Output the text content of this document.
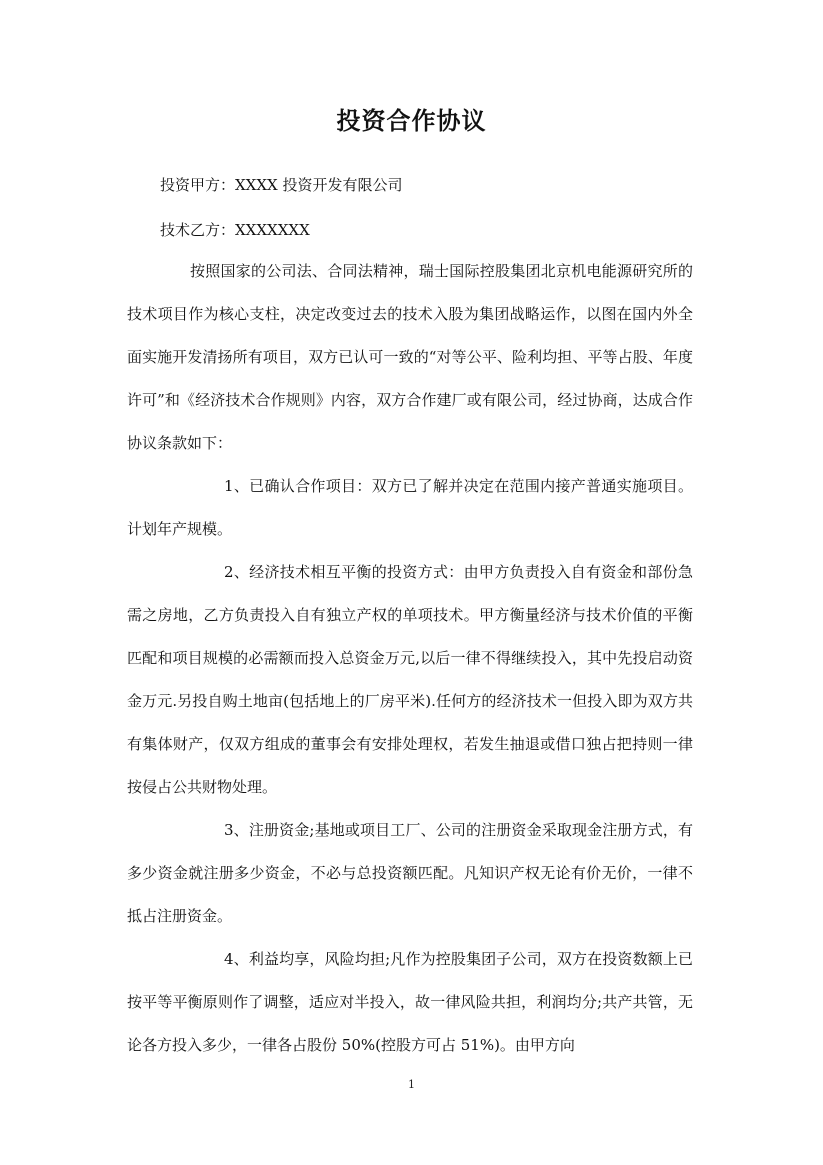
投资合作协议

投资甲方：XXXX 投资开发有限公司

技术乙方：XXXXXXX

按照国家的公司法、合同法精神，瑞士国际控股集团北京机电能源研究所的技术项目作为核心支柱，决定改变过去的技术入股为集团战略运作，以图在国内外全面实施开发清扬所有项目，双方已认可一致的“对等公平、险利均担、平等占股、年度许可”和《经济技术合作规则》内容，双方合作建厂或有限公司，经过协商，达成合作协议条款如下：

1、已确认合作项目：双方已了解并决定在范围内接产普通实施项目。计划年产规模。

2、经济技术相互平衡的投资方式：由甲方负责投入自有资金和部份急需之房地，乙方负责投入自有独立产权的单项技术。甲方衡量经济与技术价值的平衡匹配和项目规模的必需额而投入总资金万元,以后一律不得继续投入，其中先投启动资金万元.另投自购土地亩(包括地上的厂房平米).任何方的经济技术一但投入即为双方共有集体财产，仅双方组成的董事会有安排处理权，若发生抽退或借口独占把持则一律按侵占公共财物处理。

3、注册资金;基地或项目工厂、公司的注册资金采取现金注册方式，有多少资金就注册多少资金，不必与总投资额匹配。凡知识产权无论有价无价，一律不抵占注册资金。

4、利益均享，风险均担;凡作为控股集团子公司，双方在投资数额上已按平等平衡原则作了调整，适应对半投入，故一律风险共担，利润均分;共产共管，无论各方投入多少，一律各占股份 50%(控股方可占 51%)。由甲方向

1
